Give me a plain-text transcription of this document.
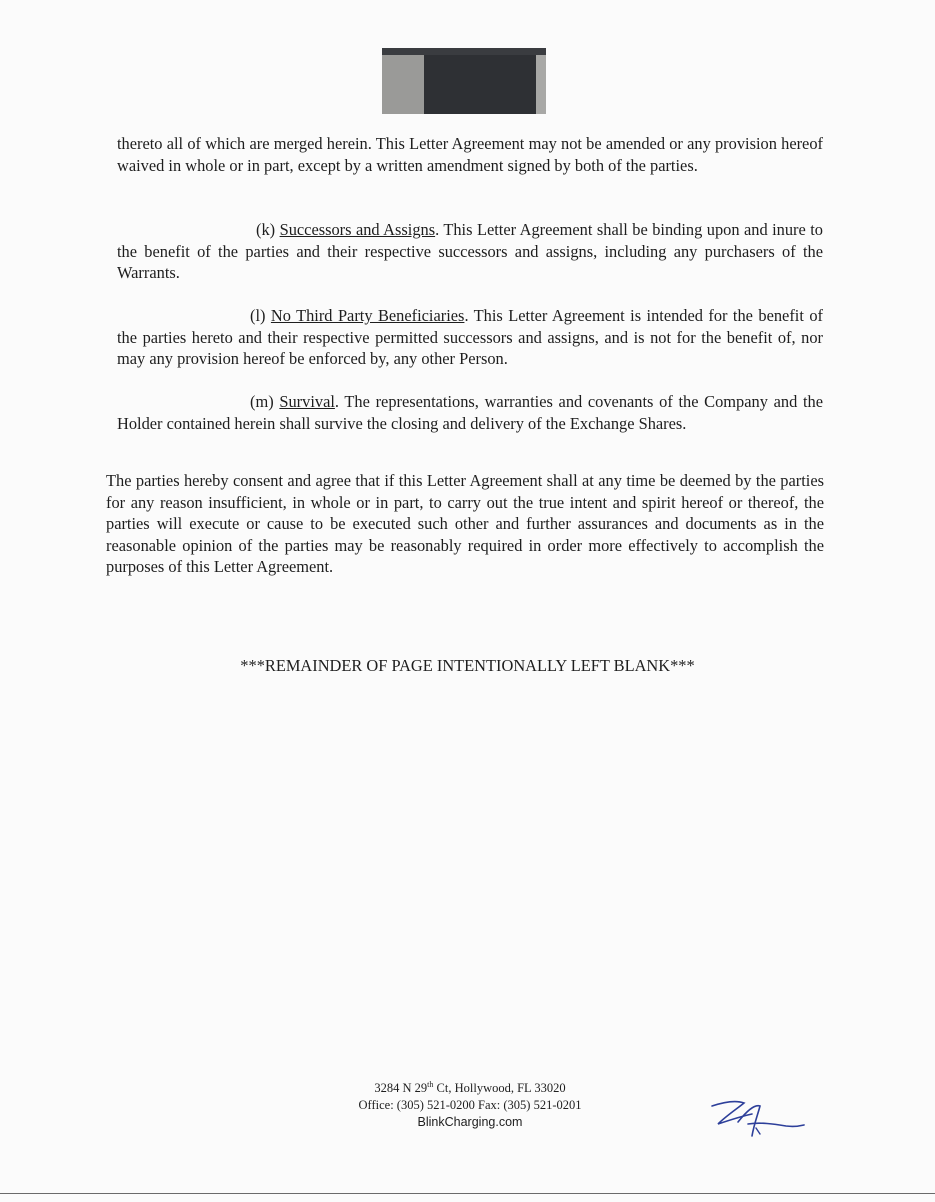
thereto all of which are merged herein. This Letter Agreement may not be amended or any provision hereof waived in whole or in part, except by a written amendment signed by both of the parties.

(k) Successors and Assigns. This Letter Agreement shall be binding upon and inure to the benefit of the parties and their respective successors and assigns, including any purchasers of the Warrants.

(l) No Third Party Beneficiaries. This Letter Agreement is intended for the benefit of the parties hereto and their respective permitted successors and assigns, and is not for the benefit of, nor may any provision hereof be enforced by, any other Person.

(m) Survival. The representations, warranties and covenants of the Company and the Holder contained herein shall survive the closing and delivery of the Exchange Shares.

The parties hereby consent and agree that if this Letter Agreement shall at any time be deemed by the parties for any reason insufficient, in whole or in part, to carry out the true intent and spirit hereof or thereof, the parties will execute or cause to be executed such other and further assurances and documents as in the reasonable opinion of the parties may be reasonably required in order more effectively to accomplish the purposes of this Letter Agreement.

***REMAINDER OF PAGE INTENTIONALLY LEFT BLANK***

3284 N 29th Ct, Hollywood, FL 33020

Office: (305) 521-0200 Fax: (305) 521-0201

BlinkCharging.com
